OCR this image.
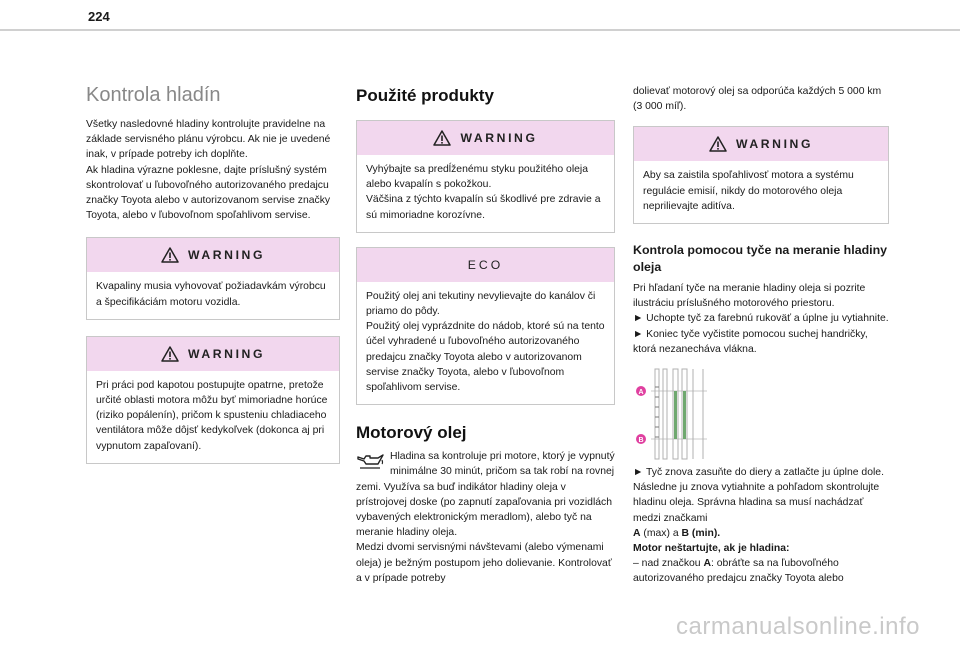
224
Kontrola hladín

Všetky nasledovné hladiny kontrolujte pravidelne na základe servisného plánu výrobcu. Ak nie je uvedené inak, v prípade potreby ich doplňte.

Ak hladina výrazne poklesne, dajte príslušný systém skontrolovať u ľubovoľného autorizovaného predajcu značky Toyota alebo v autorizovanom servise značky Toyota, alebo v ľubovoľnom spoľahlivom servise.

WARNING

Kvapaliny musia vyhovovať požiadavkám výrobcu a špecifikáciám motoru vozidla.

WARNING

Pri práci pod kapotou postupujte opatrne, pretože určité oblasti motora môžu byť mimoriadne horúce (riziko popálenín), pričom k spusteniu chladiaceho ventilátora môže dôjsť kedykoľvek (dokonca aj pri vypnutom zapaľovaní).

Použité produkty
WARNING

Vyhýbajte sa predĺženému styku použitého oleja alebo kvapalín s pokožkou.

Väčšina z týchto kvapalín sú škodlivé pre zdravie a sú mimoriadne korozívne.

ECO

Použitý olej ani tekutiny nevylievajte do kanálov či priamo do pôdy.

Použitý olej vyprázdnite do nádob, ktoré sú na tento účel vyhradené u ľubovoľného autorizovaného predajcu značky Toyota alebo v autorizovanom servise značky Toyota, alebo v ľubovoľnom spoľahlivom servise.

Motorový olej

Hladina sa kontroluje pri motore, ktorý je vypnutý minimálne 30 minút, pričom sa tak robí na rovnej zemi. Využíva sa buď indikátor hladiny oleja v prístrojovej doske (po zapnutí zapaľovania pri vozidlách vybavených elektronickým meradlom), alebo tyč na meranie hladiny oleja.

Medzi dvomi servisnými návštevami (alebo výmenami oleja) je bežným postupom jeho dolievanie. Kontrolovať a v prípade potreby

dolievať motorový olej sa odporúča každých 5 000 km (3 000 míľ).

WARNING

Aby sa zaistila spoľahlivosť motora a systému regulácie emisií, nikdy do motorového oleja neprilievajte aditíva.

Kontrola pomocou tyče na meranie hladiny oleja

Pri hľadaní tyče na meranie hladiny oleja si pozrite ilustráciu príslušného motorového priestoru.

► Uchopte tyč za farebnú rukoväť a úplne ju vytiahnite.

► Koniec tyče vyčistite pomocou suchej handričky, ktorá nezanecháva vlákna.

A
B

► Tyč znova zasuňte do diery a zatlačte ju úplne dole. Následne ju znova vytiahnite a pohľadom skontrolujte hladinu oleja. Správna hladina sa musí nachádzať medzi značkami
A (max) a B (min).

Motor neštartujte, ak je hladina:

– nad značkou A: obráťte sa na ľubovoľného autorizovaného predajcu značky Toyota alebo

carmanualsonline.info
